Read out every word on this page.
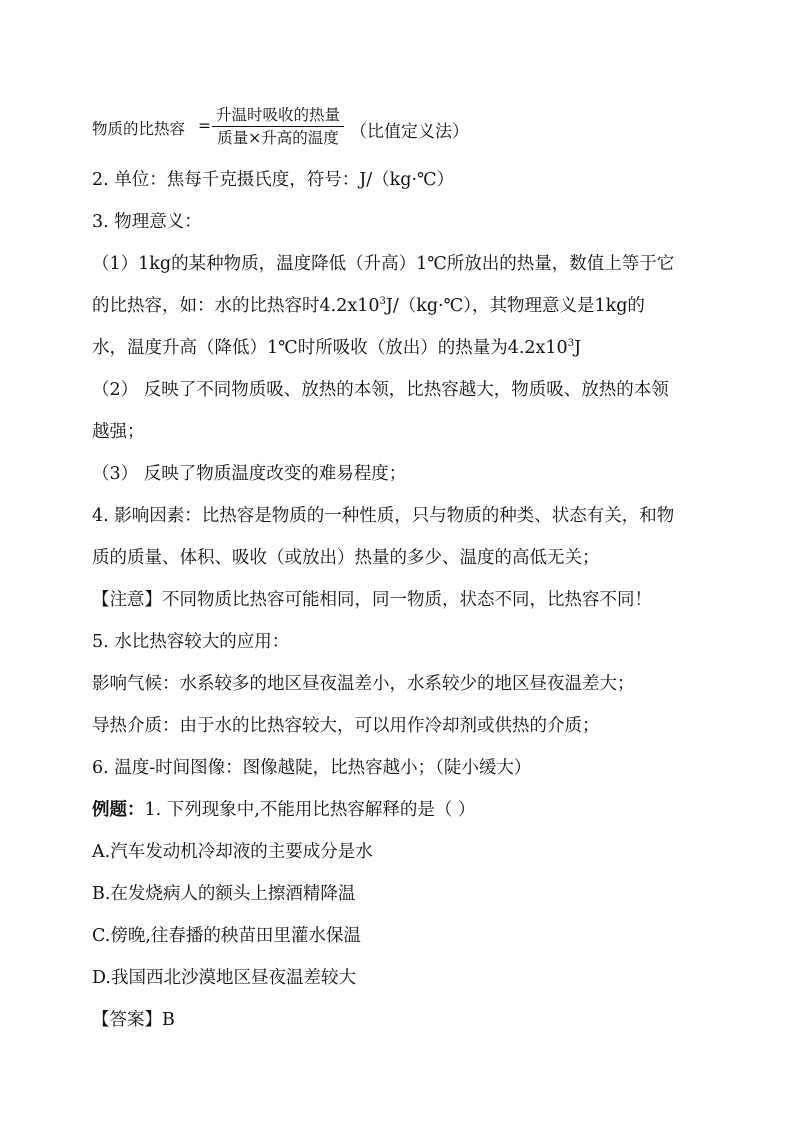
物质的比热容 =
升温时吸收的热量
质量×升高的温度 （比值定义法）
2. 单位：焦每千克摄氏度，符号：J/（kg·℃）
3. 物理意义：
（1）1kg的某种物质，温度降低（升高）1℃所放出的热量，数值上等于它
的比热容，如：水的比热容时$4.2x10^3J/(kg\cdot℃)$，其物理意义是1kg的
水，温度升高（降低）1℃时所吸收（放出）的热量为$4.2x10^3J$
（2） 反映了不同物质吸、放热的本领，比热容越大，物质吸、放热的本领
越强；
（3） 反映了物质温度改变的难易程度；
4. 影响因素：比热容是物质的一种性质，只与物质的种类、状态有关，和物
质的质量、体积、吸收（或放出）热量的多少、温度的高低无关；
【注意】不同物质比热容可能相同，同一物质，状态不同，比热容不同！
5. 水比热容较大的应用：
影响气候：水系较多的地区昼夜温差小，水系较少的地区昼夜温差大；
导热介质：由于水的比热容较大，可以用作冷却剂或供热的介质；
6. 温度-时间图像：图像越陡，比热容越小；（陡小缓大）
例题：1. 下列现象中,不能用比热容解释的是（ ）
A.汽车发动机冷却液的主要成分是水
B.在发烧病人的额头上擦酒精降温
C.傍晚,往春播的秧苗田里灌水保温
D.我国西北沙漠地区昼夜温差较大
【答案】B
